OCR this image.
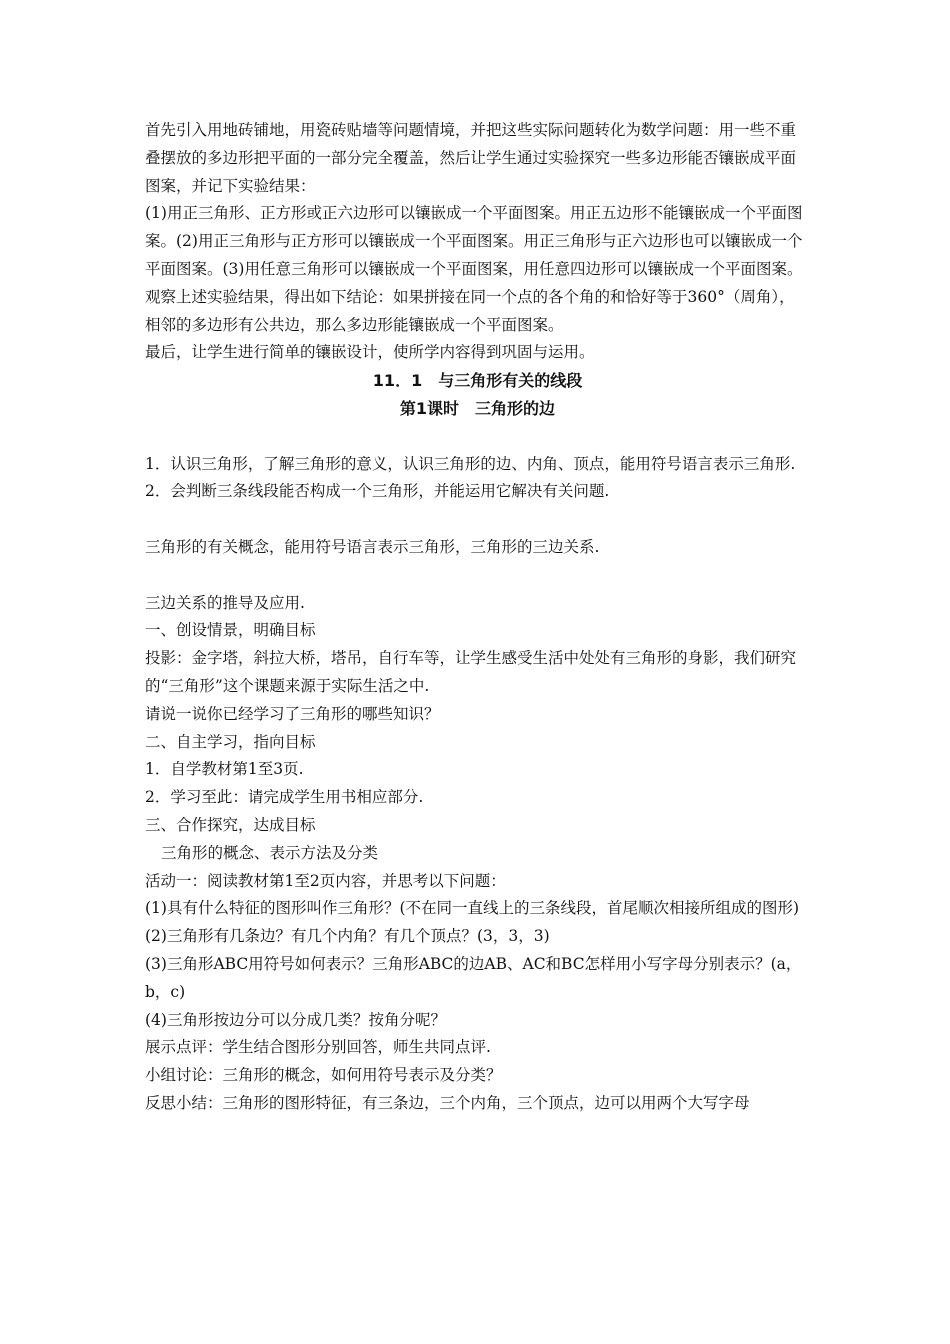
首先引入用地砖铺地，用瓷砖贴墙等问题情境，并把这些实际问题转化为数学问题：用一些不重叠摆放的多边形把平面的一部分完全覆盖，然后让学生通过实验探究一些多边形能否镶嵌成平面图案，并记下实验结果：

(1)用正三角形、正方形或正六边形可以镶嵌成一个平面图案。用正五边形不能镶嵌成一个平面图案。(2)用正三角形与正方形可以镶嵌成一个平面图案。用正三角形与正六边形也可以镶嵌成一个平面图案。(3)用任意三角形可以镶嵌成一个平面图案，用任意四边形可以镶嵌成一个平面图案。

观察上述实验结果，得出如下结论：如果拼接在同一个点的各个角的和恰好等于360°（周角），相邻的多边形有公共边，那么多边形能镶嵌成一个平面图案。

最后，让学生进行简单的镶嵌设计，使所学内容得到巩固与运用。

11．1　与三角形有关的线段

第1课时　三角形的边

1．认识三角形，了解三角形的意义，认识三角形的边、内角、顶点，能用符号语言表示三角形.

2．会判断三条线段能否构成一个三角形，并能运用它解决有关问题.

三角形的有关概念，能用符号语言表示三角形，三角形的三边关系.

三边关系的推导及应用.

一、创设情景，明确目标

投影：金字塔，斜拉大桥，塔吊，自行车等，让学生感受生活中处处有三角形的身影，我们研究的“三角形”这个课题来源于实际生活之中.

请说一说你已经学习了三角形的哪些知识？

二、自主学习，指向目标

1．自学教材第1至3页.

2．学习至此：请完成学生用书相应部分.

三、合作探究，达成目标

三角形的概念、表示方法及分类

活动一：阅读教材第1至2页内容，并思考以下问题：

(1)具有什么特征的图形叫作三角形？(不在同一直线上的三条线段，首尾顺次相接所组成的图形)

(2)三角形有几条边？有几个内角？有几个顶点？(3，3，3)

(3)三角形ABC用符号如何表示？三角形ABC的边AB、AC和BC怎样用小写字母分别表示？(a，b，c)

(4)三角形按边分可以分成几类？按角分呢？

展示点评：学生结合图形分别回答，师生共同点评.

小组讨论：三角形的概念，如何用符号表示及分类？

反思小结：三角形的图形特征，有三条边，三个内角，三个顶点，边可以用两个大写字母
